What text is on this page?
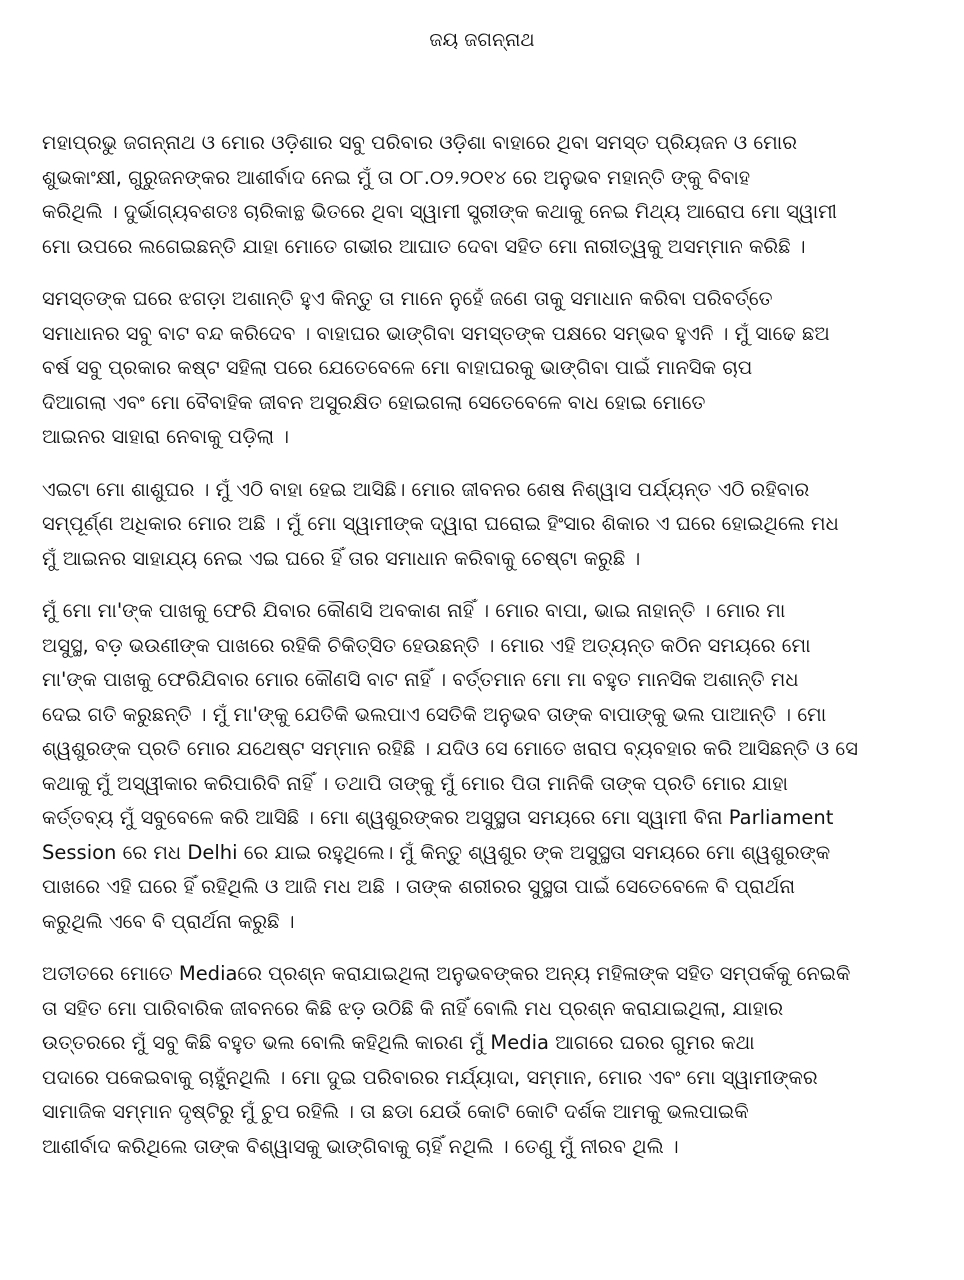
ଜୟ ଜଗନ୍ନାଥ
ମହାପ୍ରଭୁ ଜଗନ୍ନାଥ ଓ ମୋର ଓଡ଼ିଶାର ସବୁ ପରିବାର ଓଡ଼ିଶା ବାହାରେ ଥିବା ସମସ୍ତ ପ୍ରିୟଜନ ଓ ମୋର
ଶୁଭକାଂକ୍ଷୀ, ଗୁରୁଜନଙ୍କର ଆଶୀର୍ବାଦ ନେଇ ମୁଁ ତା ୦୮.୦୨.୨୦୧୪ ରେ ଅନୁଭବ ମହାନ୍ତି ଙ୍କୁ ବିବାହ
କରିଥିଲି । ଦୁର୍ଭାଗ୍ୟବଶତଃ ଚାରିକାନ୍ଥ ଭିତରେ ଥିବା ସ୍ୱାମୀ ସ୍ତ୍ରୀଙ୍କ କଥାକୁ ନେଇ ମିଥ୍ୟ ଆରୋପ ମୋ ସ୍ୱାମୀ
ମୋ ଉପରେ ଲଗେଇଛନ୍ତି ଯାହା ମୋତେ ଗଭୀର ଆଘାତ ଦେବା ସହିତ ମୋ ନାରୀତ୍ୱକୁ ଅସମ୍ମାନ କରିଛି ।
ସମସ୍ତଙ୍କ ଘରେ ଝଗଡ଼ା ଅଶାନ୍ତି ହୁଏ କିନ୍ତୁ ତା ମାନେ ନୁହେଁ ଜଣେ ତାକୁ ସମାଧାନ କରିବା ପରିବର୍ତ୍ତେ
ସମାଧାନର ସବୁ ବାଟ ବନ୍ଦ କରିଦେବ । ବାହାଘର ଭାଙ୍ଗିବା ସମସ୍ତଙ୍କ ପକ୍ଷରେ ସମ୍ଭବ ହୁଏନି । ମୁଁ ସାଢେ ଛଅ
ବର୍ଷ ସବୁ ପ୍ରକାର କଷ୍ଟ ସହିଲା ପରେ ଯେତେବେଳେ ମୋ ବାହାଘରକୁ ଭାଙ୍ଗିବା ପାଇଁ ମାନସିକ ଚାପ
ଦିଆଗଲା ଏବଂ ମୋ ବୈବାହିକ ଜୀବନ ଅସୁରକ୍ଷିତ ହୋଇଗଲା ସେତେବେଳେ ବାଧ ହୋଇ ମୋତେ
ଆଇନର ସାହାରା ନେବାକୁ ପଡ଼ିଲା ।
ଏଇଟା ମୋ ଶାଶୁଘର । ମୁଁ ଏଠି ବାହା ହେଇ ଆସିଛି। ମୋର ଜୀବନର ଶେଷ ନିଶ୍ୱାସ ପର୍ଯ୍ୟନ୍ତ ଏଠି ରହିବାର
ସମ୍ପୂର୍ଣ୍ଣ ଅଧିକାର ମୋର ଅଛି । ମୁଁ ମୋ ସ୍ୱାମୀଙ୍କ ଦ୍ୱାରା ଘରୋଇ ହିଂସାର ଶିକାର ଏ ଘରେ ହୋଇଥିଲେ ମଧ
ମୁଁ ଆଇନର ସାହାଯ୍ୟ ନେଇ ଏଇ ଘରେ ହିଁ ତାର ସମାଧାନ କରିବାକୁ ଚେଷ୍ଟା କରୁଛି ।
ମୁଁ ମୋ ମା'ଙ୍କ ପାଖକୁ ଫେରି ଯିବାର କୌଣସି ଅବକାଶ ନାହିଁ । ମୋର ବାପା, ଭାଇ ନାହାନ୍ତି । ମୋର ମା
ଅସୁସ୍ଥ, ବଡ଼ ଭଉଣୀଙ୍କ ପାଖରେ ରହିକି ଚିକିତ୍ସିତ ହେଉଛନ୍ତି । ମୋର ଏହି ଅତ୍ୟନ୍ତ କଠିନ ସମୟରେ ମୋ
ମା'ଙ୍କ ପାଖକୁ ଫେରିଯିବାର ମୋର କୌଣସି ବାଟ ନାହିଁ । ବର୍ତ୍ତମାନ ମୋ ମା ବହୁତ ମାନସିକ ଅଶାନ୍ତି ମଧ
ଦେଇ ଗତି କରୁଛନ୍ତି । ମୁଁ ମା'ଙ୍କୁ ଯେତିକି ଭଲପାଏ ସେତିକି ଅନୁଭବ ତାଙ୍କ ବାପାଙ୍କୁ ଭଲ ପାଆନ୍ତି । ମୋ
ଶ୍ୱଶୁରଙ୍କ ପ୍ରତି ମୋର ଯଥେଷ୍ଟ ସମ୍ମାନ ରହିଛି । ଯଦିଓ ସେ ମୋତେ ଖରାପ ବ୍ୟବହାର କରି ଆସିଛନ୍ତି ଓ ସେ
କଥାକୁ ମୁଁ ଅସ୍ୱୀକାର କରିପାରିବି ନାହିଁ । ତଥାପି ତାଙ୍କୁ ମୁଁ ମୋର ପିତା ମାନିକି ତାଙ୍କ ପ୍ରତି ମୋର ଯାହା
କର୍ତ୍ତବ୍ୟ ମୁଁ ସବୁବେଳେ କରି ଆସିଛି । ମୋ ଶ୍ୱଶୁରଙ୍କର ଅସୁସ୍ଥତା ସମୟରେ ମୋ ସ୍ୱାମୀ ବିନା Parliament
Session ରେ ମଧ Delhi ରେ ଯାଇ ରହୁଥିଲେ। ମୁଁ କିନ୍ତୁ ଶ୍ୱଶୁର ଙ୍କ ଅସୁସ୍ଥତା ସମୟରେ ମୋ ଶ୍ୱଶୁରଙ୍କ
ପାଖରେ ଏହି ଘରେ ହିଁ ରହିଥିଲି ଓ ଆଜି ମଧ ଅଛି । ତାଙ୍କ ଶରୀରର ସୁସ୍ଥତା ପାଇଁ ସେତେବେଳେ ବି ପ୍ରାର୍ଥନା
କରୁଥିଲି ଏବେ ବି ପ୍ରାର୍ଥନା କରୁଛି ।
ଅତୀତରେ ମୋତେ Mediaରେ ପ୍ରଶ୍ନ କରାଯାଇଥିଲା ଅନୁଭବଙ୍କର ଅନ୍ୟ ମହିଳାଙ୍କ ସହିତ ସମ୍ପର୍କକୁ ନେଇକି
ତା ସହିତ ମୋ ପାରିବାରିକ ଜୀବନରେ କିଛି ଝଡ଼ ଉଠିଛି କି ନାହିଁ ବୋଲି ମଧ ପ୍ରଶ୍ନ କରାଯାଇଥିଲା, ଯାହାର
ଉତ୍ତରରେ ମୁଁ ସବୁ କିଛି ବହୁତ ଭଲ ବୋଲି କହିଥିଲି କାରଣ ମୁଁ Media ଆଗରେ ଘରର ଗୁମର କଥା
ପଦାରେ ପକେଇବାକୁ ଚାହୁଁନଥିଲି । ମୋ ଦୁଇ ପରିବାରର ମର୍ଯ୍ୟାଦା, ସମ୍ମାନ, ମୋର ଏବଂ ମୋ ସ୍ୱାମୀଙ୍କର
ସାମାଜିକ ସମ୍ମାନ ଦୃଷ୍ଟିରୁ ମୁଁ ଚୁପ ରହିଲି । ତା ଛଡା ଯେଉଁ କୋଟି କୋଟି ଦର୍ଶକ ଆମକୁ ଭଲପାଇକି
ଆଶୀର୍ବାଦ କରିଥିଲେ ତାଙ୍କ ବିଶ୍ୱାସକୁ ଭାଙ୍ଗିବାକୁ ଚାହିଁ ନଥିଲି । ତେଣୁ ମୁଁ ନୀରବ ଥିଲି ।
